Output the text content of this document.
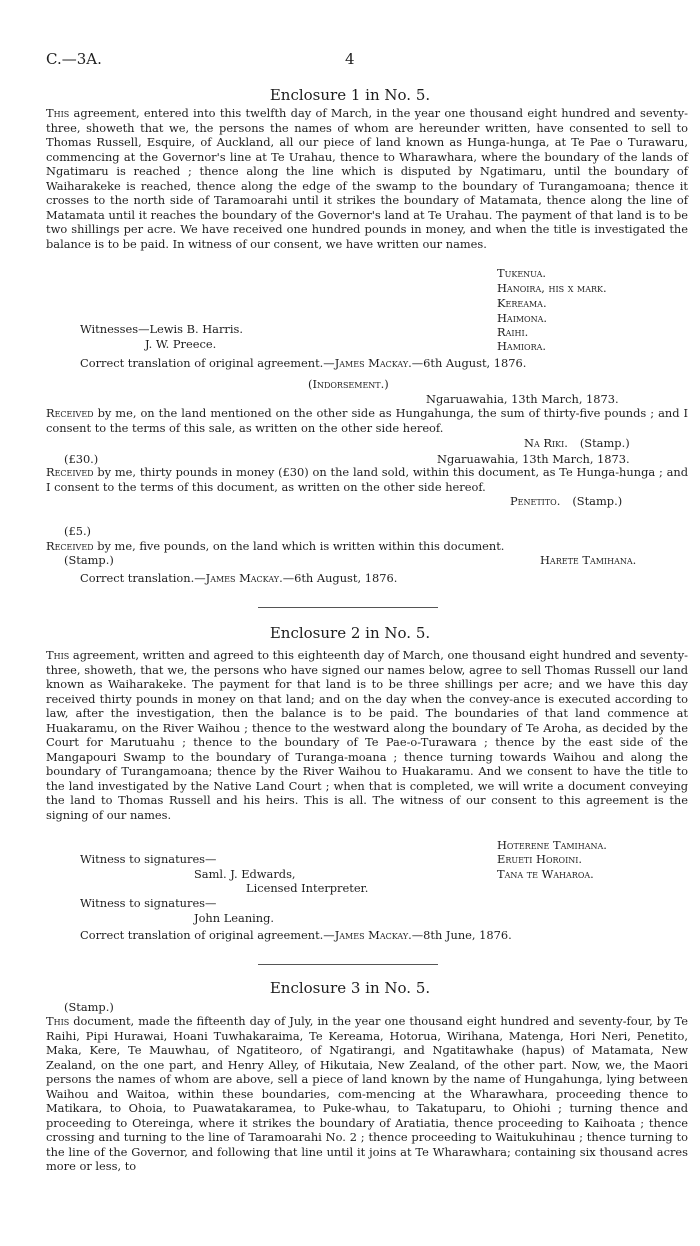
C.—3A.	4
Enclosure 1 in No. 5.
This agreement, entered into this twelfth day of March, in the year one thousand eight hundred and seventy-three, showeth that we, the persons the names of whom are hereunder written, have consented to sell to Thomas Russell, Esquire, of Auckland, all our piece of land known as Hunga-hunga, at Te Pae o Turawaru, commencing at the Governor's line at Te Urahau, thence to Wharawhara, where the boundary of the lands of Ngatimaru is reached ; thence along the line which is disputed by Ngatimaru, until the boundary of Waiharakeke is reached, thence along the edge of the swamp to the boundary of Turangamoana; thence it crosses to the north side of Taramoarahi until it strikes the boundary of Matamata, thence along the line of Matamata until it reaches the boundary of the Governor's land at Te Urahau. The payment of that land is to be two shillings per acre. We have received one hundred pounds in money, and when the title is investigated the balance is to be paid. In witness of our consent, we have written our names.
Tukenua.
Hanoira, his x mark.
Kereama.
Haimona.
Witnesses—Lewis B. Harris.	Raihi.
J. W. Preece.	Hamiora.
Correct translation of original agreement.—James Mackay.—6th August, 1876.
(Indorsement.)
Ngaruawahia, 13th March, 1873.
Received by me, on the land mentioned on the other side as Hungahunga, the sum of thirty-five pounds ; and I consent to the terms of this sale, as written on the other side hereof.
Na Riki. (Stamp.)
(£30.)	Ngaruawahia, 13th March, 1873.
Received by me, thirty pounds in money (£30) on the land sold, within this document, as Te Hunga-hunga ; and I consent to the terms of this document, as written on the other side hereof.
Penetito. (Stamp.)
(£5.)
Received by me, five pounds, on the land which is written within this document.
(Stamp.)	Harete Tamihana.
Correct translation.—James Mackay.—6th August, 1876.
Enclosure 2 in No. 5.
This agreement, written and agreed to this eighteenth day of March, one thousand eight hundred and seventy-three, showeth, that we, the persons who have signed our names below, agree to sell Thomas Russell our land known as Waiharakeke. The payment for that land is to be three shillings per acre; and we have this day received thirty pounds in money on that land; and on the day when the convey-ance is executed according to law, after the investigation, then the balance is to be paid. The boundaries of that land commence at Huakaramu, on the River Waihou ; thence to the westward along the boundary of Te Aroha, as decided by the Court for Marutuahu ; thence to the boundary of Te Pae-o-Turawara ; thence by the east side of the Mangapouri Swamp to the boundary of Turanga-moana ; thence turning towards Waihou and along the boundary of Turangamoana; thence by the River Waihou to Huakaramu. And we consent to have the title to the land investigated by the Native Land Court ; when that is completed, we will write a document conveying the land to Thomas Russell and his heirs. This is all. The witness of our consent to this agreement is the signing of our names.
Hoterene Tamihana.
Witness to signatures—	Erueti Horoini.
Saml. J. Edwards,	Tana te Waharoa.
Licensed Interpreter.
Witness to signatures—
John Leaning.
Correct translation of original agreement.—James Mackay.—8th June, 1876.
Enclosure 3 in No. 5.
(Stamp.)
This document, made the fifteenth day of July, in the year one thousand eight hundred and seventy-four, by Te Raihi, Pipi Hurawai, Hoani Tuwhakaraima, Te Kereama, Hotorua, Wirihana, Matenga, Hori Neri, Penetito, Maka, Kere, Te Mauwhau, of Ngatiteoro, of Ngatirangi, and Ngatitawhake (hapus) of Matamata, New Zealand, on the one part, and Henry Alley, of Hikutaia, New Zealand, of the other part. Now, we, the Maori persons the names of whom are above, sell a piece of land known by the name of Hungahunga, lying between Waihou and Waitoa, within these boundaries, com-mencing at the Wharawhara, proceeding thence to Matikara, to Ohoia, to Puawatakaramea, to Puke-whau, to Takatuparu, to Ohiohi ; turning thence and proceeding to Otereinga, where it strikes the boundary of Aratiatia, thence proceeding to Kaihoata ; thence crossing and turning to the line of Taramoarahi No. 2 ; thence proceeding to Waitukuhinau ; thence turning to the line of the Governor, and following that line until it joins at Te Wharawhara; containing six thousand acres more or less, to
